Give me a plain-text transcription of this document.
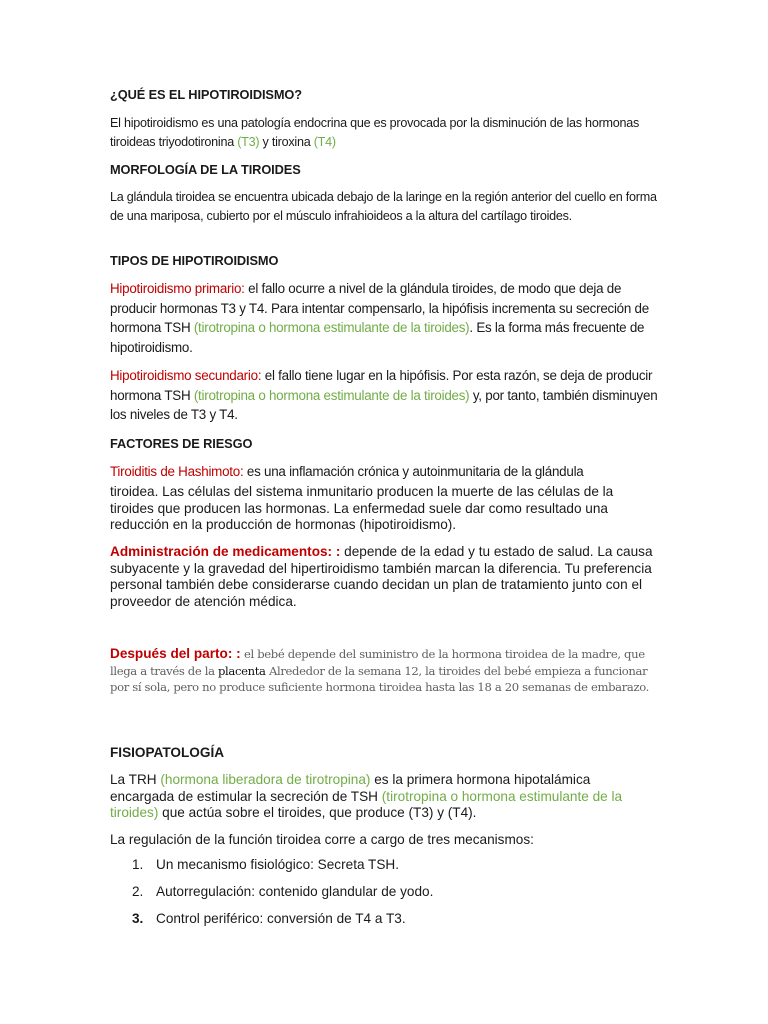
¿QUÉ ES EL HIPOTIROIDISMO?

El hipotiroidismo es una patología endocrina que es provocada por la disminución de las hormonas tiroideas triyodotironina (T3) y tiroxina (T4)

MORFOLOGÍA DE LA TIROIDES

La glándula tiroidea se encuentra ubicada debajo de la laringe en la región anterior del cuello en forma de una mariposa, cubierto por el músculo infrahioideos a la altura del cartílago tiroides.

TIPOS DE HIPOTIROIDISMO

Hipotiroidismo primario: el fallo ocurre a nivel de la glándula tiroides, de modo que deja de producir hormonas T3 y T4. Para intentar compensarlo, la hipófisis incrementa su secreción de hormona TSH (tirotropina o hormona estimulante de la tiroides). Es la forma más frecuente de hipotiroidismo.

Hipotiroidismo secundario: el fallo tiene lugar en la hipófisis. Por esta razón, se deja de producir hormona TSH (tirotropina o hormona estimulante de la tiroides) y, por tanto, también disminuyen los niveles de T3 y T4.

FACTORES DE RIESGO

Tiroiditis de Hashimoto: es una inflamación crónica y autoinmunitaria de la glándula

tiroidea. Las células del sistema inmunitario producen la muerte de las células de la tiroides que producen las hormonas. La enfermedad suele dar como resultado una reducción en la producción de hormonas (hipotiroidismo).

Administración de medicamentos: : depende de la edad y tu estado de salud. La causa subyacente y la gravedad del hipertiroidismo también marcan la diferencia. Tu preferencia personal también debe considerarse cuando decidan un plan de tratamiento junto con el proveedor de atención médica.

Después del parto: : el bebé depende del suministro de la hormona tiroidea de la madre, que llega a través de la placenta Alrededor de la semana 12, la tiroides del bebé empieza a funcionar por sí sola, pero no produce suficiente hormona tiroidea hasta las 18 a 20 semanas de embarazo.

FISIOPATOLOGÍA

La TRH (hormona liberadora de tirotropina) es la primera hormona hipotalámica encargada de estimular la secreción de TSH (tirotropina o hormona estimulante de la tiroides) que actúa sobre el tiroides, que produce (T3) y (T4).

La regulación de la función tiroidea corre a cargo de tres mecanismos:

1. Un mecanismo fisiológico: Secreta TSH.
2. Autorregulación: contenido glandular de yodo.
3. Control periférico: conversión de T4 a T3.
